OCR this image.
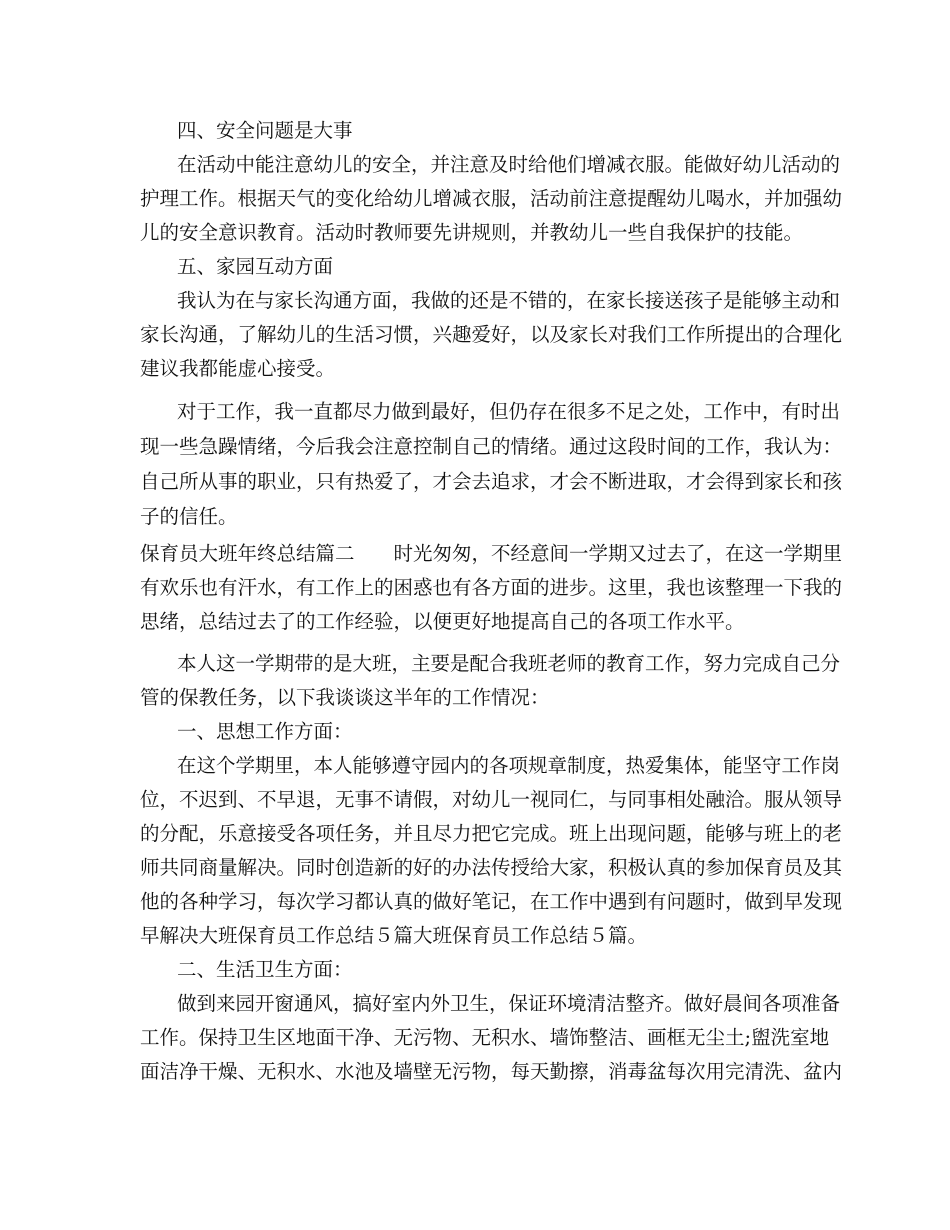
四、安全问题是大事
在活动中能注意幼儿的安全，并注意及时给他们增减衣服。能做好幼儿活动的
护理工作。根据天气的变化给幼儿增减衣服，活动前注意提醒幼儿喝水，并加强幼
儿的安全意识教育。活动时教师要先讲规则，并教幼儿一些自我保护的技能。
五、家园互动方面
我认为在与家长沟通方面，我做的还是不错的，在家长接送孩子是能够主动和
家长沟通，了解幼儿的生活习惯，兴趣爱好，以及家长对我们工作所提出的合理化
建议我都能虚心接受。
对于工作，我一直都尽力做到最好，但仍存在很多不足之处，工作中，有时出
现一些急躁情绪，今后我会注意控制自己的情绪。通过这段时间的工作，我认为：
自己所从事的职业，只有热爱了，才会去追求，才会不断进取，才会得到家长和孩
子的信任。
保育员大班年终总结篇二　　时光匆匆，不经意间一学期又过去了，在这一学期里
有欢乐也有汗水，有工作上的困惑也有各方面的进步。这里，我也该整理一下我的
思绪，总结过去了的工作经验，以便更好地提高自己的各项工作水平。
本人这一学期带的是大班，主要是配合我班老师的教育工作，努力完成自己分
管的保教任务，以下我谈谈这半年的工作情况：
一、思想工作方面：
在这个学期里，本人能够遵守园内的各项规章制度，热爱集体，能坚守工作岗
位，不迟到、不早退，无事不请假，对幼儿一视同仁，与同事相处融洽。服从领导
的分配，乐意接受各项任务，并且尽力把它完成。班上出现问题，能够与班上的老
师共同商量解决。同时创造新的好的办法传授给大家，积极认真的参加保育员及其
他的各种学习，每次学习都认真的做好笔记，在工作中遇到有问题时，做到早发现
早解决大班保育员工作总结５篇大班保育员工作总结５篇。
二、生活卫生方面：
做到来园开窗通风，搞好室内外卫生，保证环境清洁整齐。做好晨间各项准备
工作。保持卫生区地面干净、无污物、无积水、墙饰整洁、画框无尘土;盥洗室地
面洁净干燥、无积水、水池及墙壁无污物，每天勤擦，消毒盆每次用完清洗、盆内
